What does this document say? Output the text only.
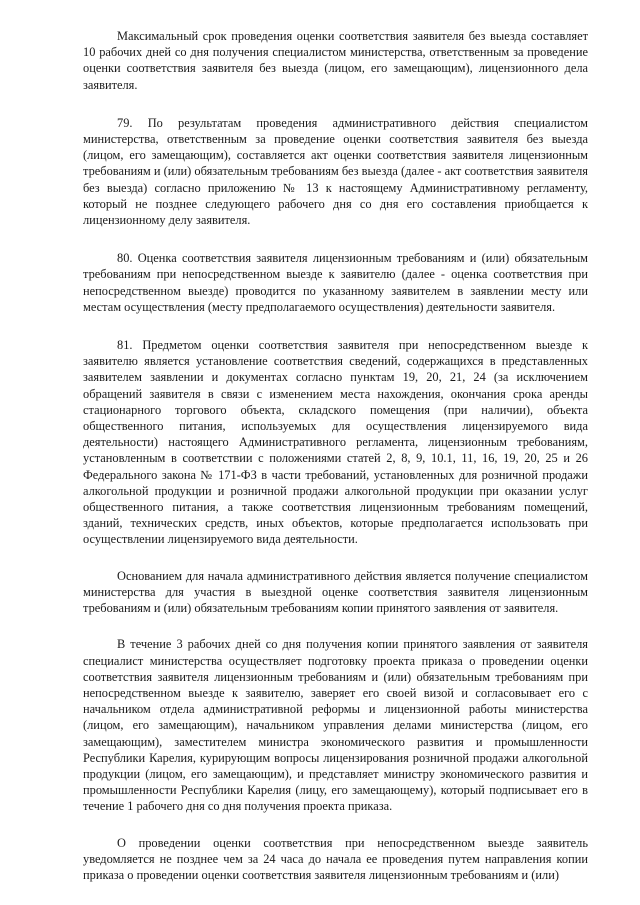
Максимальный срок проведения оценки соответствия заявителя без выезда составляет 10 рабочих дней со дня получения специалистом министерства, ответственным за проведение оценки соответствия заявителя без выезда (лицом, его замещающим), лицензионного дела заявителя.

79. По результатам проведения административного действия специалистом министерства, ответственным за проведение оценки соответствия заявителя без выезда (лицом, его замещающим), составляется акт оценки соответствия заявителя лицензионным требованиям и (или) обязательным требованиям без выезда (далее - акт соответствия заявителя без выезда) согласно приложению № 13 к настоящему Административному регламенту, который не позднее следующего рабочего дня со дня его составления приобщается к лицензионному делу заявителя.

80. Оценка соответствия заявителя лицензионным требованиям и (или) обязательным требованиям при непосредственном выезде к заявителю (далее - оценка соответствия при непосредственном выезде) проводится по указанному заявителем в заявлении месту или местам осуществления (месту предполагаемого осуществления) деятельности заявителя.

81. Предметом оценки соответствия заявителя при непосредственном выезде к заявителю является установление соответствия сведений, содержащихся в представленных заявителем заявлении и документах согласно пунктам 19, 20, 21, 24 (за исключением обращений заявителя в связи с изменением места нахождения, окончания срока аренды стационарного торгового объекта, складского помещения (при наличии), объекта общественного питания, используемых для осуществления лицензируемого вида деятельности) настоящего Административного регламента, лицензионным требованиям, установленным в соответствии с положениями статей 2, 8, 9, 10.1, 11, 16, 19, 20, 25 и 26 Федерального закона № 171-ФЗ в части требований, установленных для розничной продажи алкогольной продукции и розничной продажи алкогольной продукции при оказании услуг общественного питания, а также соответствия лицензионным требованиям помещений, зданий, технических средств, иных объектов, которые предполагается использовать при осуществлении лицензируемого вида деятельности.

Основанием для начала административного действия является получение специалистом министерства для участия в выездной оценке соответствия заявителя лицензионным требованиям и (или) обязательным требованиям копии принятого заявления от заявителя.

В течение 3 рабочих дней со дня получения копии принятого заявления от заявителя специалист министерства осуществляет подготовку проекта приказа о проведении оценки соответствия заявителя лицензионным требованиям и (или) обязательным требованиям при непосредственном выезде к заявителю, заверяет его своей визой и согласовывает его с начальником отдела административной реформы и лицензионной работы министерства (лицом, его замещающим), начальником управления делами министерства (лицом, его замещающим), заместителем министра экономического развития и промышленности Республики Карелия, курирующим вопросы лицензирования розничной продажи алкогольной продукции (лицом, его замещающим), и представляет министру экономического развития и промышленности Республики Карелия (лицу, его замещающему), который подписывает его в течение 1 рабочего дня со дня получения проекта приказа.

О проведении оценки соответствия при непосредственном выезде заявитель уведомляется не позднее чем за 24 часа до начала ее проведения путем направления копии приказа о проведении оценки соответствия заявителя лицензионным требованиям и (или)
